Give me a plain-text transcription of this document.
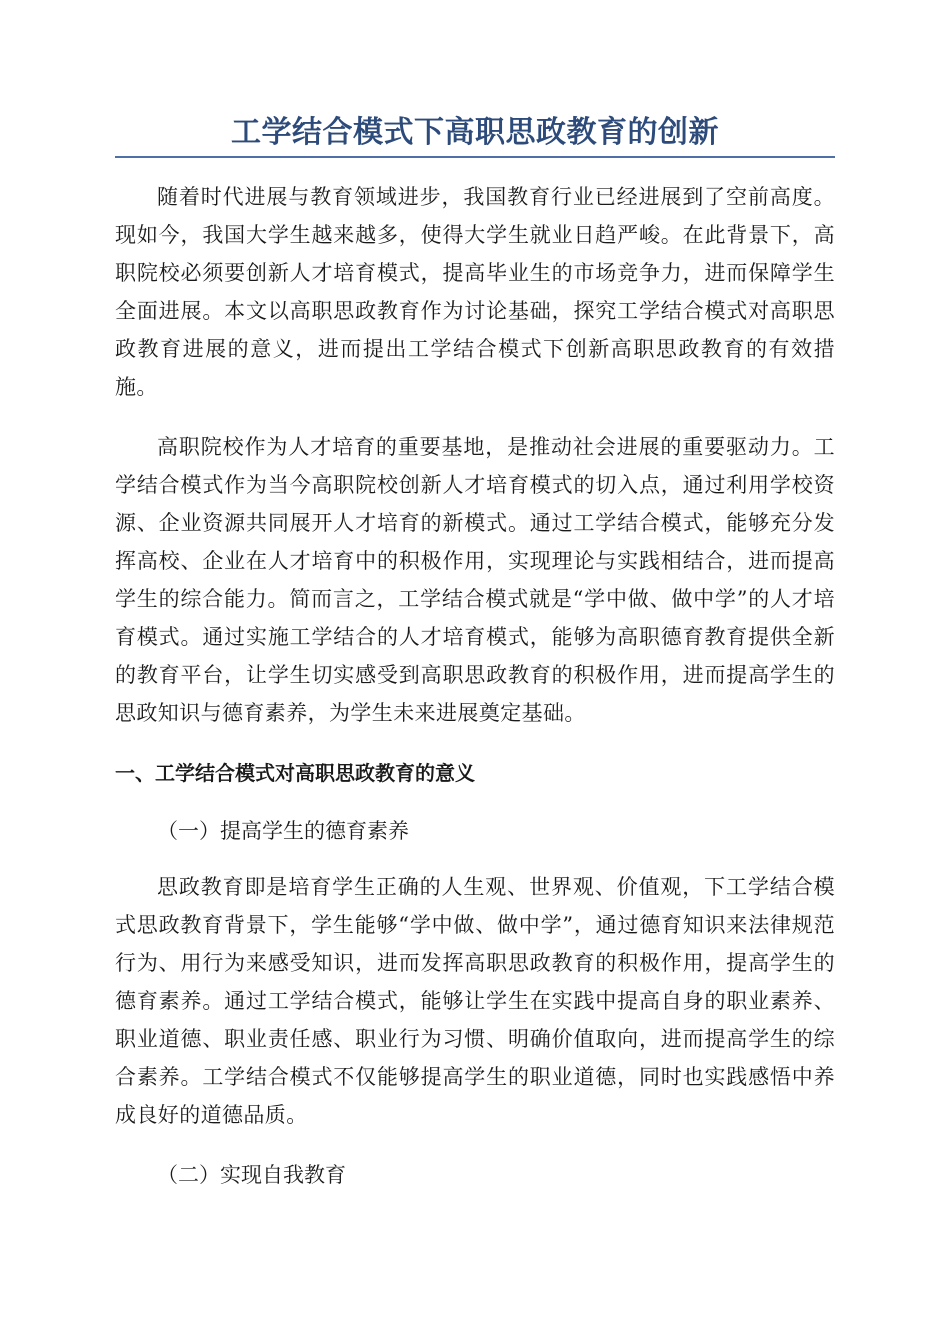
工学结合模式下高职思政教育的创新

随着时代进展与教育领域进步，我国教育行业已经进展到了空前高度。现如今，我国大学生越来越多，使得大学生就业日趋严峻。在此背景下，高职院校必须要创新人才培育模式，提高毕业生的市场竞争力，进而保障学生全面进展。本文以高职思政教育作为讨论基础，探究工学结合模式对高职思政教育进展的意义，进而提出工学结合模式下创新高职思政教育的有效措施。

高职院校作为人才培育的重要基地，是推动社会进展的重要驱动力。工学结合模式作为当今高职院校创新人才培育模式的切入点，通过利用学校资源、企业资源共同展开人才培育的新模式。通过工学结合模式，能够充分发挥高校、企业在人才培育中的积极作用，实现理论与实践相结合，进而提高学生的综合能力。简而言之，工学结合模式就是“学中做、做中学”的人才培育模式。通过实施工学结合的人才培育模式，能够为高职德育教育提供全新的教育平台，让学生切实感受到高职思政教育的积极作用，进而提高学生的思政知识与德育素养，为学生未来进展奠定基础。

一、工学结合模式对高职思政教育的意义
（一）提高学生的德育素养

思政教育即是培育学生正确的人生观、世界观、价值观，下工学结合模式思政教育背景下，学生能够“学中做、做中学”，通过德育知识来法律规范行为、用行为来感受知识，进而发挥高职思政教育的积极作用，提高学生的德育素养。通过工学结合模式，能够让学生在实践中提高自身的职业素养、职业道德、职业责任感、职业行为习惯、明确价值取向，进而提高学生的综合素养。工学结合模式不仅能够提高学生的职业道德，同时也实践感悟中养成良好的道德品质。

（二）实现自我教育
